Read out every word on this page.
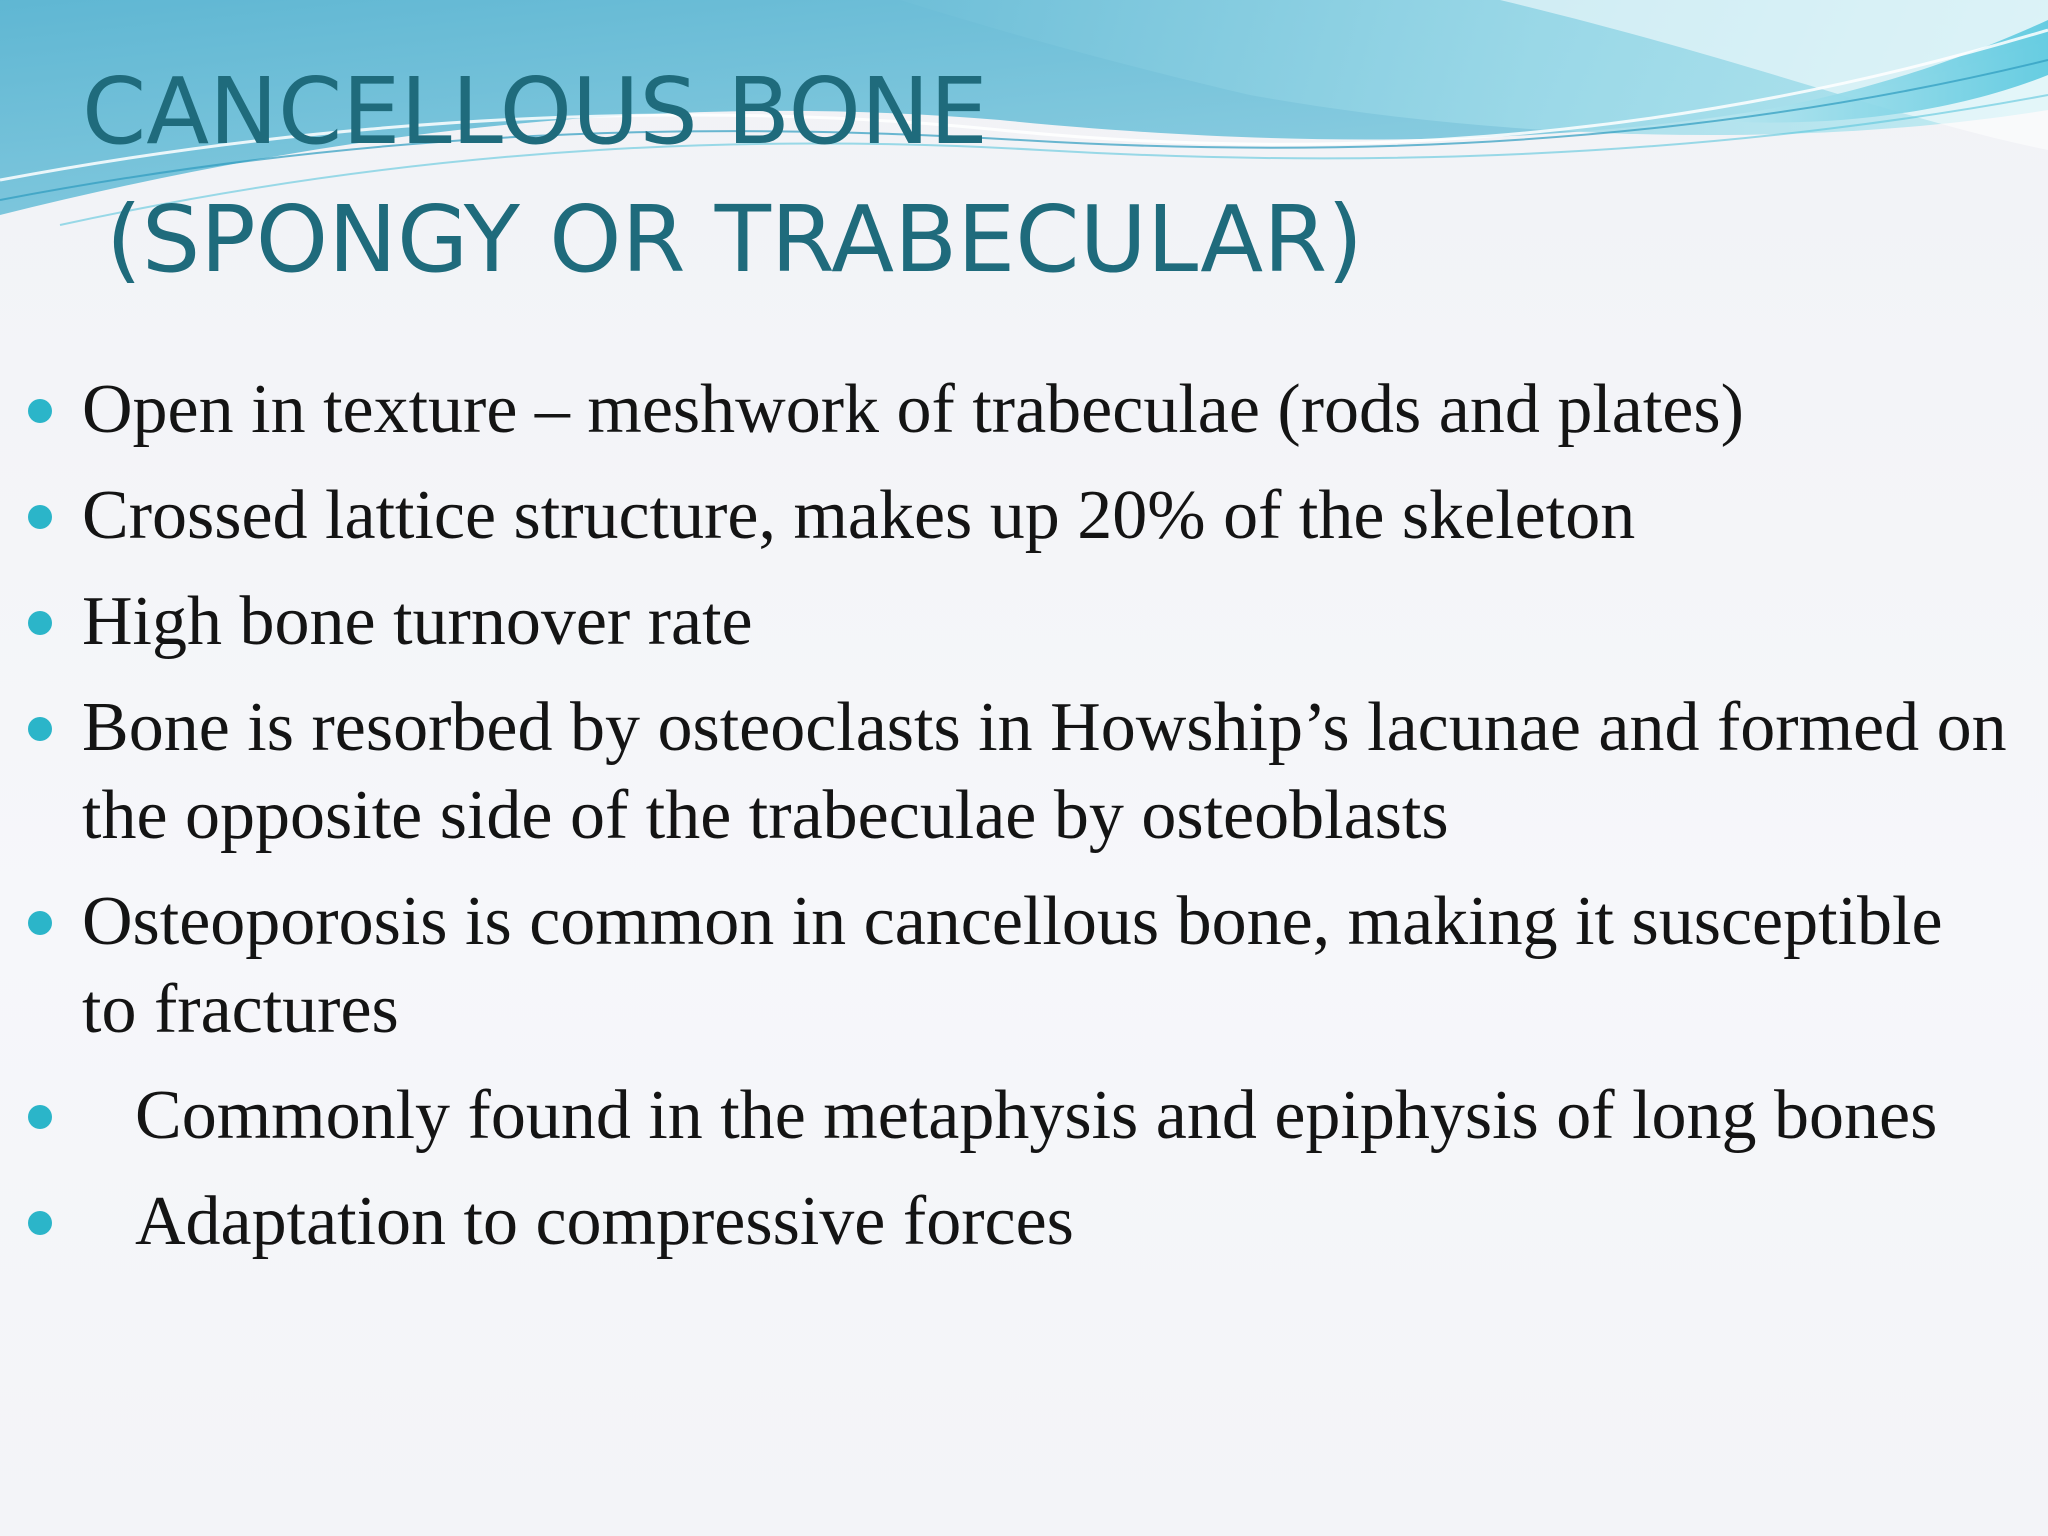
CANCELLOUS BONE

(SPONGY OR TRABECULAR)
Open in texture – meshwork of trabeculae (rods and plates)
Crossed lattice structure, makes up 20% of the skeleton
High bone turnover rate
Bone is resorbed by osteoclasts in Howship’s lacunae and formed on the opposite side of the trabeculae by osteoblasts
Osteoporosis is common in cancellous bone, making it susceptible to fractures
Commonly found in the metaphysis and epiphysis of long bones
Adaptation to compressive forces
